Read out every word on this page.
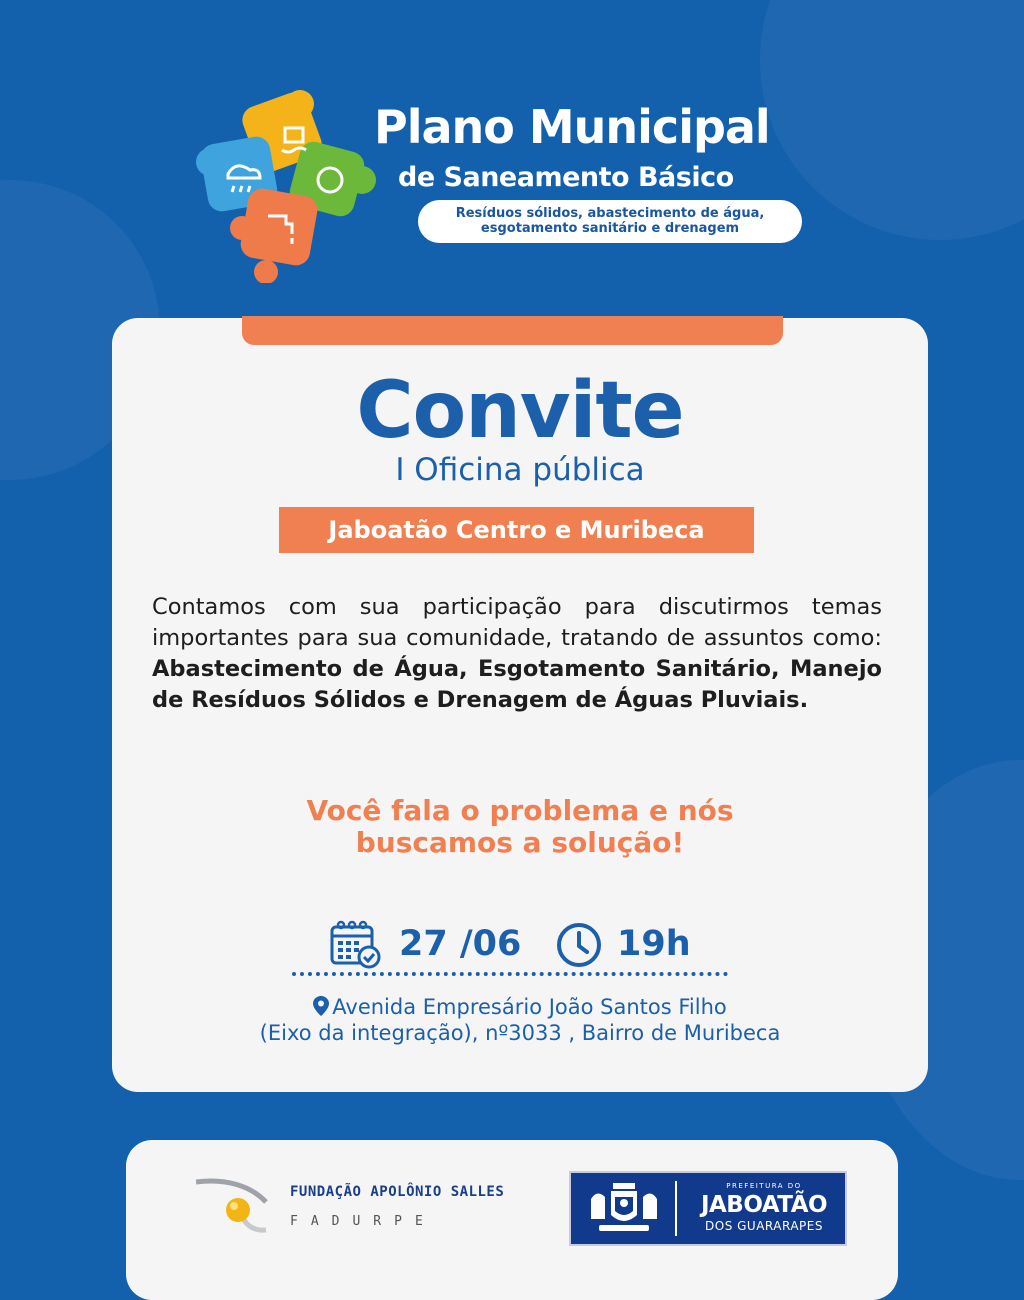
Plano Municipal
de Saneamento Básico
Resíduos sólidos, abastecimento de água,
esgotamento sanitário e drenagem
Convite
I Oficina pública
Jaboatão Centro e Muribeca
Contamos com sua participação para discutirmos temas importantes para sua comunidade, tratando de assuntos como: Abastecimento de Água, Esgotamento Sanitário, Manejo de Resíduos Sólidos e Drenagem de Águas Pluviais.
Você fala o problema e nós
buscamos a solução!
27 /06	19h
Avenida Empresário João Santos Filho
(Eixo da integração), nº3033 , Bairro de Muribeca
FUNDAÇÃO APOLÔNIO SALLES
FADURPE
PREFEITURA DO
JABOATÃO
DOS GUARARAPES
